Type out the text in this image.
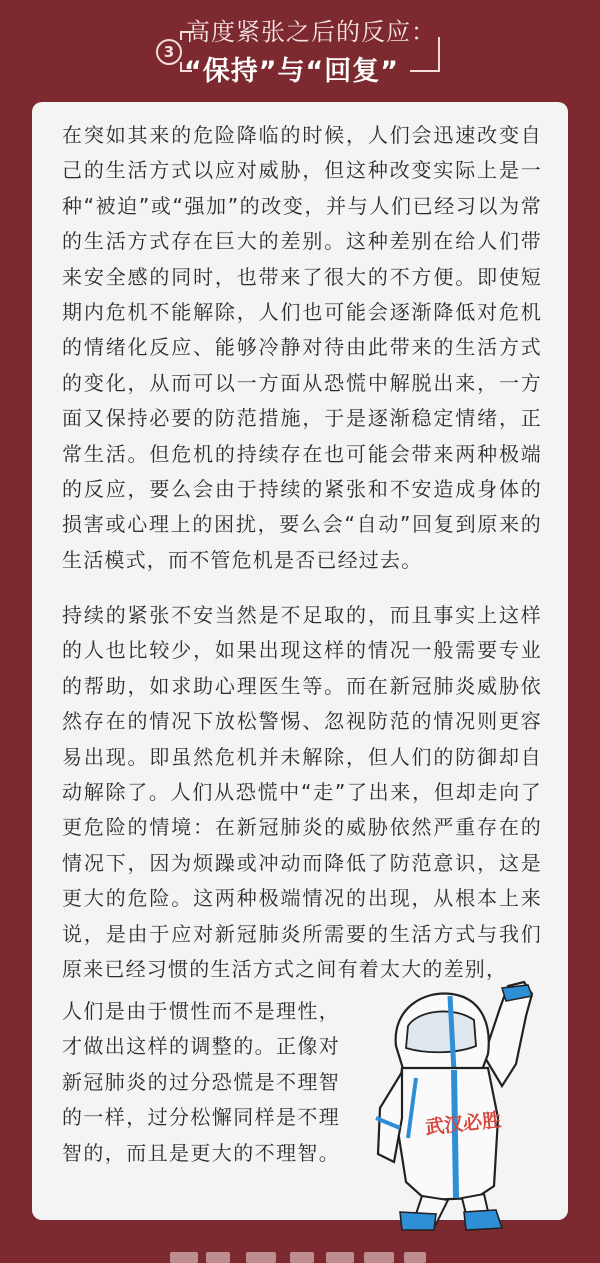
3
高度紧张之后的反应：
“保持”与“回复”

在突如其来的危险降临的时候，人们会迅速改变自己的生活方式以应对威胁，但这种改变实际上是一种“被迫”或“强加”的改变，并与人们已经习以为常的生活方式存在巨大的差别。这种差别在给人们带来安全感的同时，也带来了很大的不方便。即使短期内危机不能解除，人们也可能会逐渐降低对危机的情绪化反应、能够冷静对待由此带来的生活方式的变化，从而可以一方面从恐慌中解脱出来，一方面又保持必要的防范措施，于是逐渐稳定情绪，正常生活。但危机的持续存在也可能会带来两种极端的反应，要么会由于持续的紧张和不安造成身体的损害或心理上的困扰，要么会“自动”回复到原来的生活模式，而不管危机是否已经过去。

持续的紧张不安当然是不足取的，而且事实上这样的人也比较少，如果出现这样的情况一般需要专业的帮助，如求助心理医生等。而在新冠肺炎威胁依然存在的情况下放松警惕、忽视防范的情况则更容易出现。即虽然危机并未解除，但人们的防御却自动解除了。人们从恐慌中“走”了出来，但却走向了更危险的情境：在新冠肺炎的威胁依然严重存在的情况下，因为烦躁或冲动而降低了防范意识，这是更大的危险。这两种极端情况的出现，从根本上来说，是由于应对新冠肺炎所需要的生活方式与我们原来已经习惯的生活方式之间有着太大的差别，

人们是由于惯性而不是理性，才做出这样的调整的。正像对新冠肺炎的过分恐慌是不理智的一样，过分松懈同样是不理智的，而且是更大的不理智。

武汉必胜
